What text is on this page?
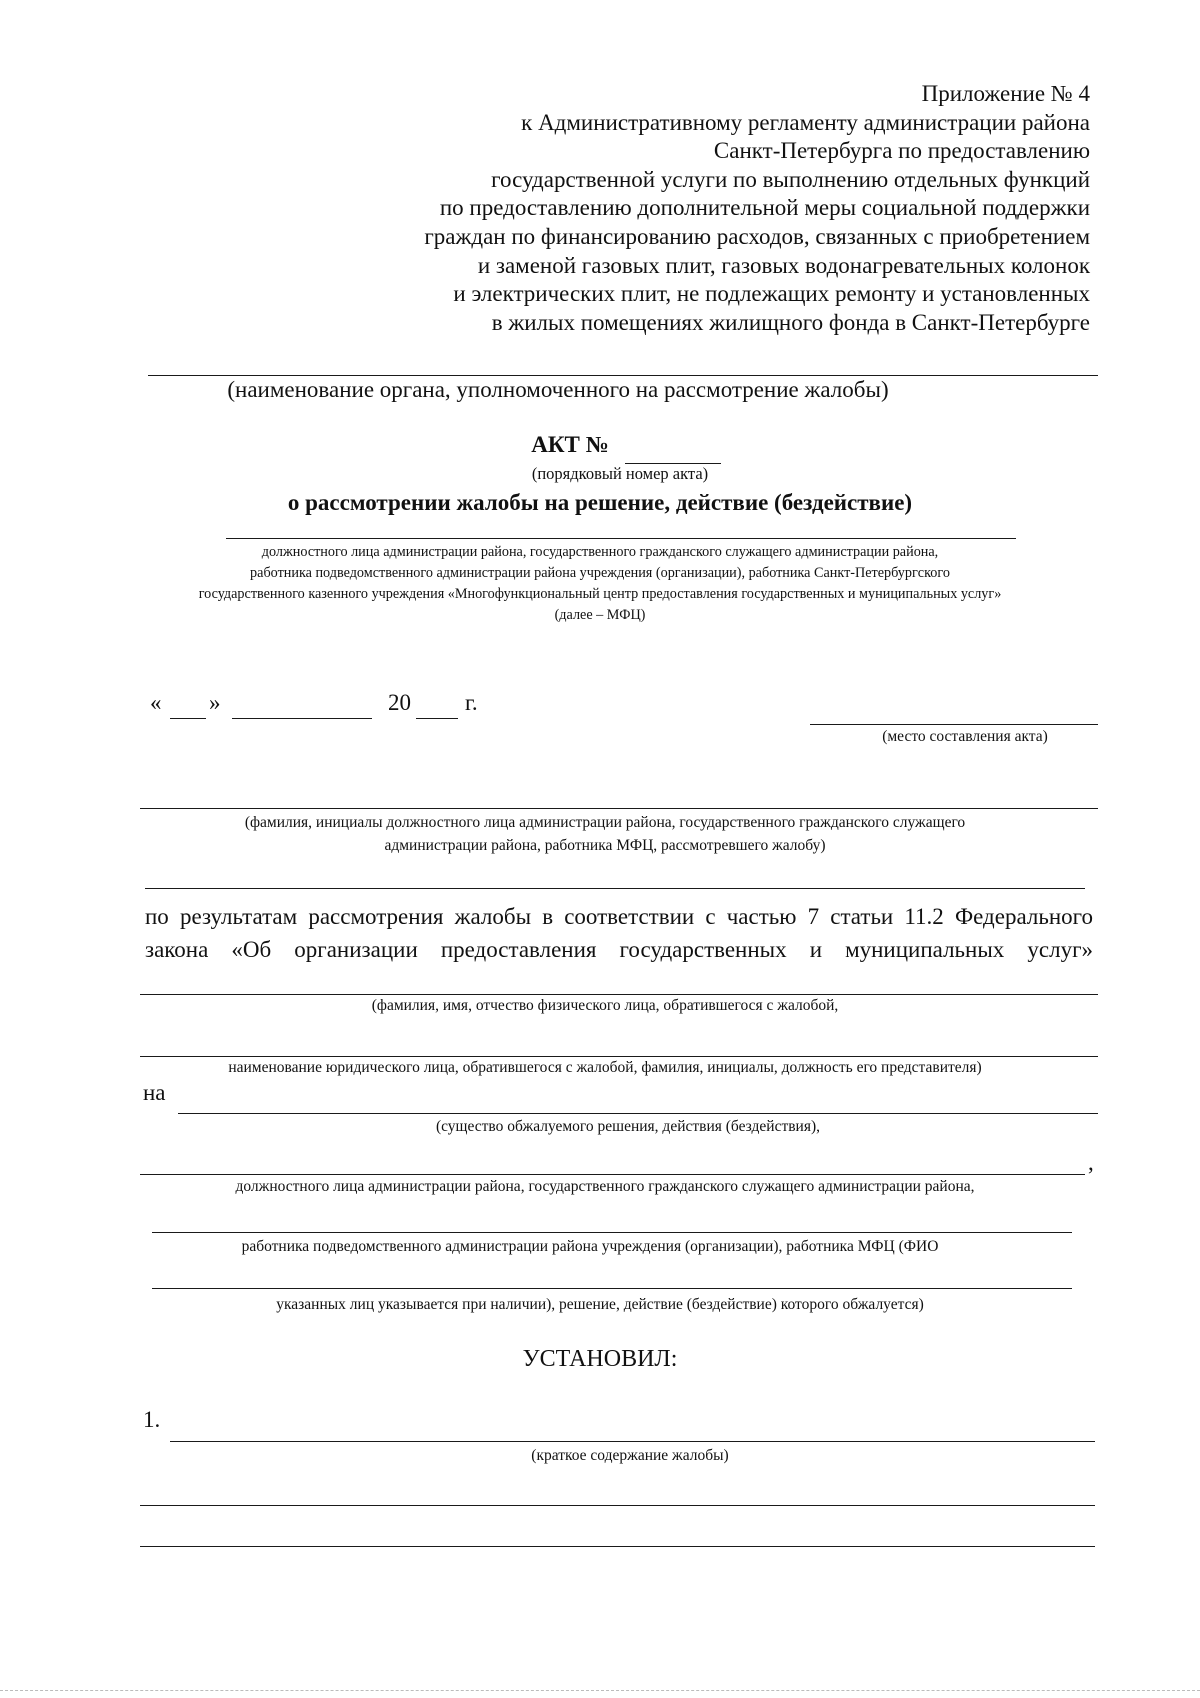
Приложение № 4
к Административному регламенту администрации района
Санкт-Петербурга по предоставлению
государственной услуги по выполнению отдельных функций
по предоставлению дополнительной меры социальной поддержки
граждан по финансированию расходов, связанных с приобретением
и заменой газовых плит, газовых водонагревательных колонок
и электрических плит, не подлежащих ремонту и установленных
в жилых помещениях жилищного фонда в Санкт-Петербурге
(наименование органа, уполномоченного на рассмотрение жалобы)
АКТ №
(порядковый номер акта)
о рассмотрении жалобы на решение, действие (бездействие)
должностного лица администрации района, государственного гражданского служащего администрации района,
работника подведомственного администрации района учреждения (организации), работника Санкт-Петербургского
государственного казенного учреждения «Многофункциональный центр предоставления государственных и муниципальных услуг»
(далее – МФЦ)
« »	20 г.
(место составления акта)
(фамилия, инициалы должностного лица администрации района, государственного гражданского служащего
администрации района, работника МФЦ, рассмотревшего жалобу)
по результатам рассмотрения жалобы в соответствии с частью 7 статьи 11.2 Федерального
закона «Об организации предоставления государственных и муниципальных услуг»
(фамилия, имя, отчество физического лица, обратившегося с жалобой,
наименование юридического лица, обратившегося с жалобой, фамилия, инициалы, должность его представителя)
на
(существо обжалуемого решения, действия (бездействия),
,
должностного лица администрации района, государственного гражданского служащего администрации района,
работника подведомственного администрации района учреждения (организации), работника МФЦ (ФИО
указанных лиц указывается при наличии), решение, действие (бездействие) которого обжалуется)
УСТАНОВИЛ:
1.
(краткое содержание жалобы)
